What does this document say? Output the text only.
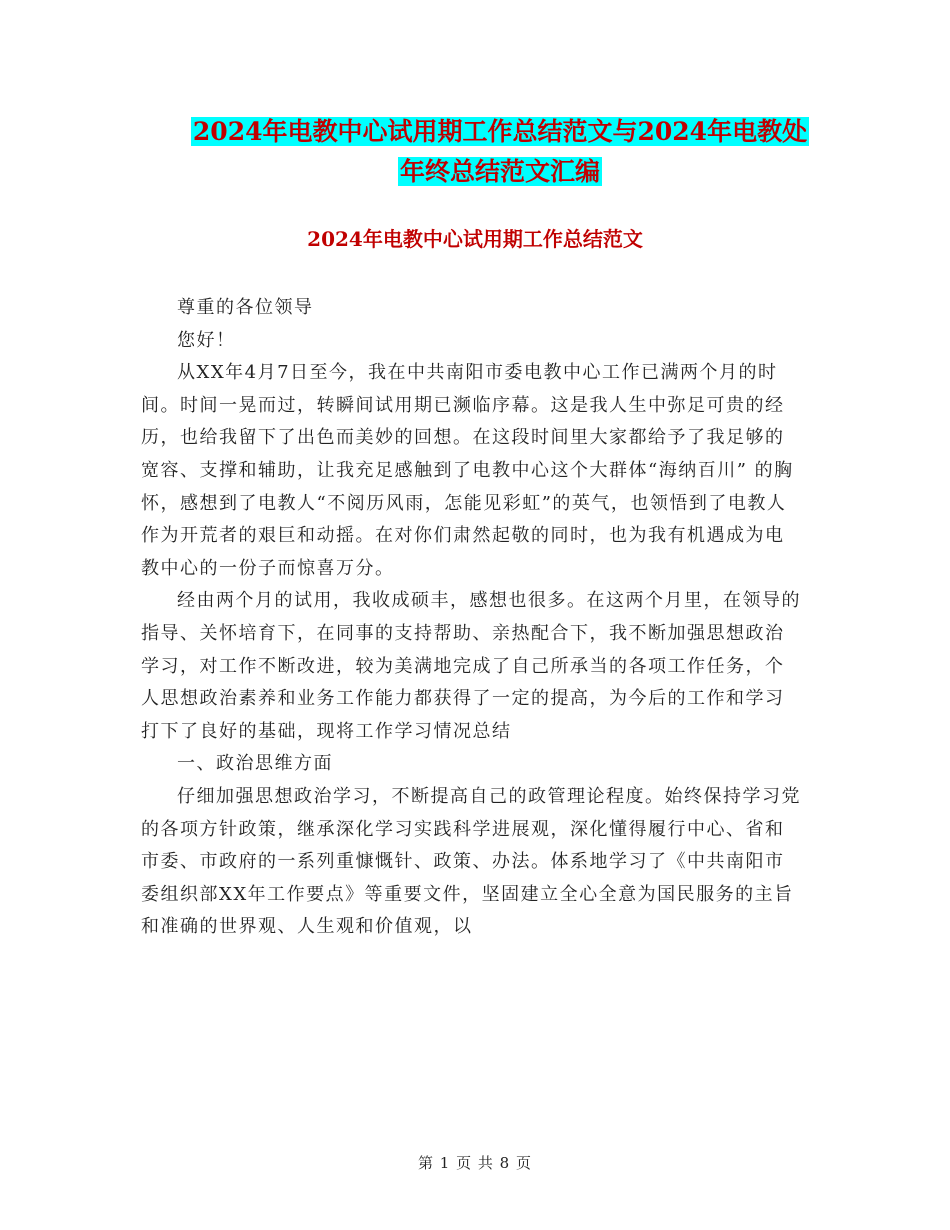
2024年电教中心试用期工作总结范文与2024年电教处
年终总结范文汇编
2024年电教中心试用期工作总结范文

尊重的各位领导

您好！

从XX年4月7日至今，我在中共南阳市委电教中心工作已满两个月的时间。时间一晃而过，转瞬间试用期已濒临序幕。这是我人生中弥足可贵的经历，也给我留下了出色而美妙的回想。在这段时间里大家都给予了我足够的宽容、支撑和辅助，让我充足感触到了电教中心这个大群体“海纳百川” 的胸怀，感想到了电教人“不阅历风雨，怎能见彩虹”的英气，也领悟到了电教人作为开荒者的艰巨和动摇。在对你们肃然起敬的同时，也为我有机遇成为电教中心的一份子而惊喜万分。

经由两个月的试用，我收成硕丰，感想也很多。在这两个月里，在领导的指导、关怀培育下，在同事的支持帮助、亲热配合下，我不断加强思想政治学习，对工作不断改进，较为美满地完成了自己所承当的各项工作任务，个人思想政治素养和业务工作能力都获得了一定的提高，为今后的工作和学习打下了良好的基础，现将工作学习情况总结

一、政治思维方面

仔细加强思想政治学习，不断提高自己的政管理论程度。始终保持学习党的各项方针政策，继承深化学习实践科学进展观，深化懂得履行中心、省和市委、市政府的一系列重慷慨针、政策、办法。体系地学习了《中共南阳市委组织部XX年工作要点》等重要文件，坚固建立全心全意为国民服务的主旨和准确的世界观、人生观和价值观，以

第 1 页 共 8 页
